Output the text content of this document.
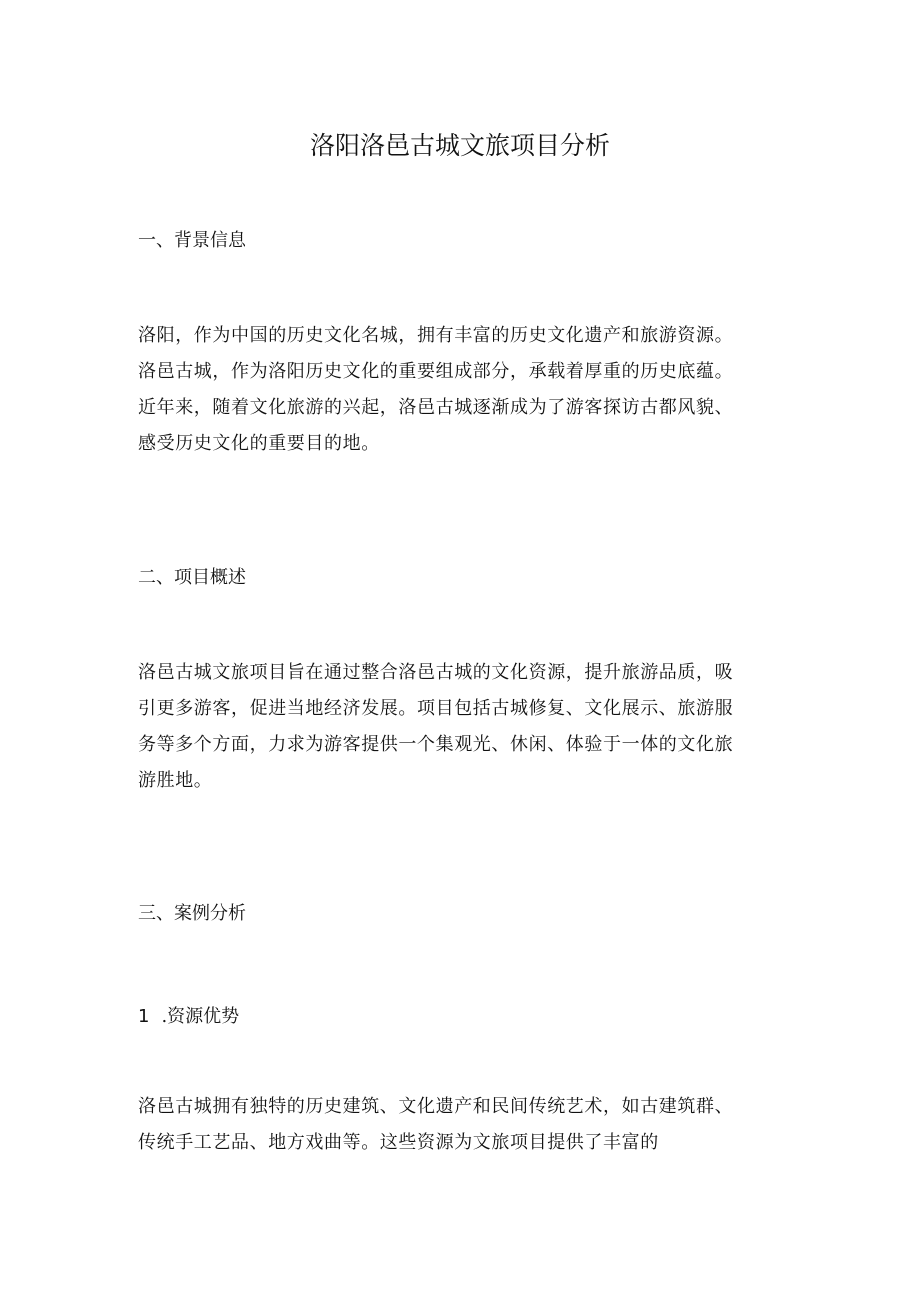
洛阳洛邑古城文旅项目分析
一、背景信息
洛阳，作为中国的历史文化名城，拥有丰富的历史文化遗产和旅游资源。
洛邑古城，作为洛阳历史文化的重要组成部分，承载着厚重的历史底蕴。
近年来，随着文化旅游的兴起，洛邑古城逐渐成为了游客探访古都风貌、
感受历史文化的重要目的地。
二、项目概述
洛邑古城文旅项目旨在通过整合洛邑古城的文化资源，提升旅游品质，吸
引更多游客，促进当地经济发展。项目包括古城修复、文化展示、旅游服
务等多个方面，力求为游客提供一个集观光、休闲、体验于一体的文化旅
游胜地。
三、案例分析
1 .资源优势
洛邑古城拥有独特的历史建筑、文化遗产和民间传统艺术，如古建筑群、
传统手工艺品、地方戏曲等。这些资源为文旅项目提供了丰富的
